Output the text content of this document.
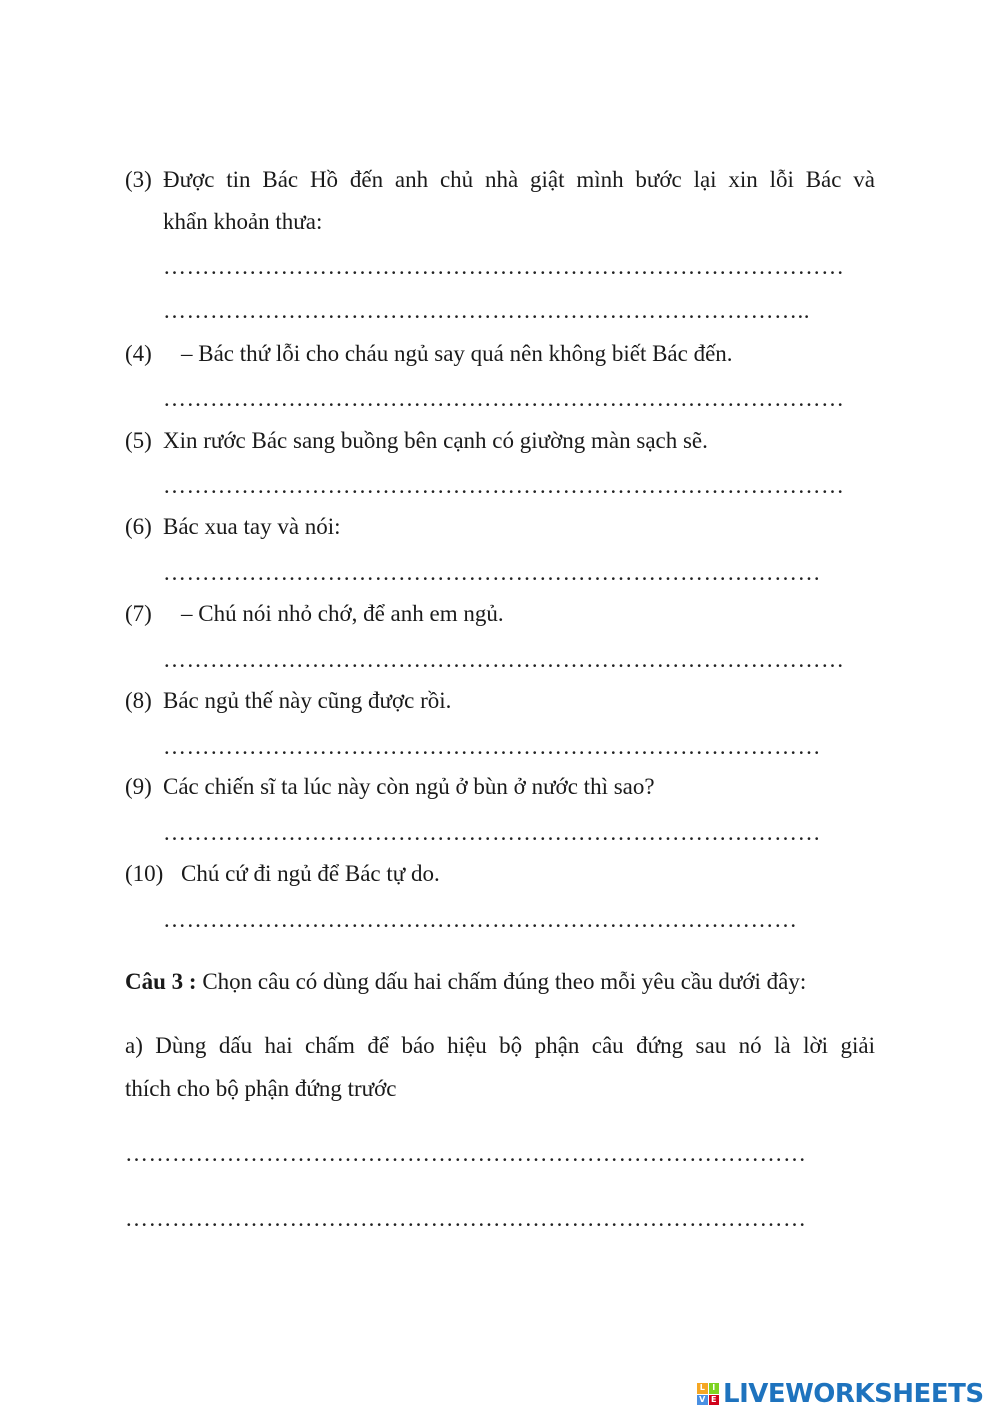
(3) Được tin Bác Hồ đến anh chủ nhà giật mình bước lại xin lỗi Bác và
khẩn khoản thưa:
……………………………………………………………………………
………………………………………………………………………..
(4) – Bác thứ lỗi cho cháu ngủ say quá nên không biết Bác đến.
……………………………………………………………………………
(5) Xin rước Bác sang buồng bên cạnh có giường màn sạch sẽ.
……………………………………………………………………………
(6) Bác xua tay và nói:
…………………………………………………………………………
(7) – Chú nói nhỏ chớ, để anh em ngủ.
……………………………………………………………………………
(8) Bác ngủ thế này cũng được rồi.
…………………………………………………………………………
(9) Các chiến sĩ ta lúc này còn ngủ ở bùn ở nước thì sao?
…………………………………………………………………………
(10) Chú cứ đi ngủ để Bác tự do.
………………………………………………………………………
Câu 3 : Chọn câu có dùng dấu hai chấm đúng theo mỗi yêu cầu dưới đây:
a) Dùng dấu hai chấm để báo hiệu bộ phận câu đứng sau nó là lời giải
thích cho bộ phận đứng trước
……………………………………………………………………………
……………………………………………………………………………
L I
V E LIVEWORKSHEETS
